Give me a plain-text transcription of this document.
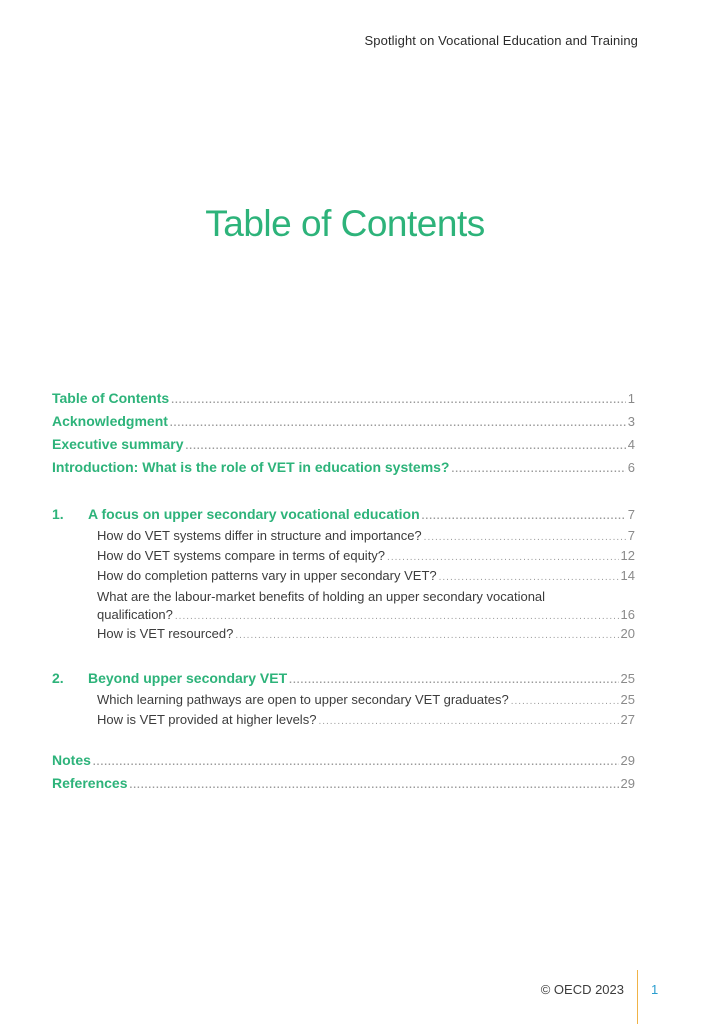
Spotlight on Vocational Education and Training
Table of Contents
Table of Contents .....	1
Acknowledgment .....	3
Executive summary .....	4
Introduction: What is the role of VET in education systems? .....	6
1.	A focus on upper secondary vocational education .....	7
How do VET systems differ in structure and importance? .....	7
How do VET systems compare in terms of equity? .....	12
How do completion patterns vary in upper secondary VET? .....	14
What are the labour-market benefits of holding an upper secondary vocational
qualification? .....	16
How is VET resourced? .....	20
2.	Beyond upper secondary VET .....	25
Which learning pathways are open to upper secondary VET graduates? .....	25
How is VET provided at higher levels? .....	27
Notes .....	29
References .....	29
© OECD 2023 1
